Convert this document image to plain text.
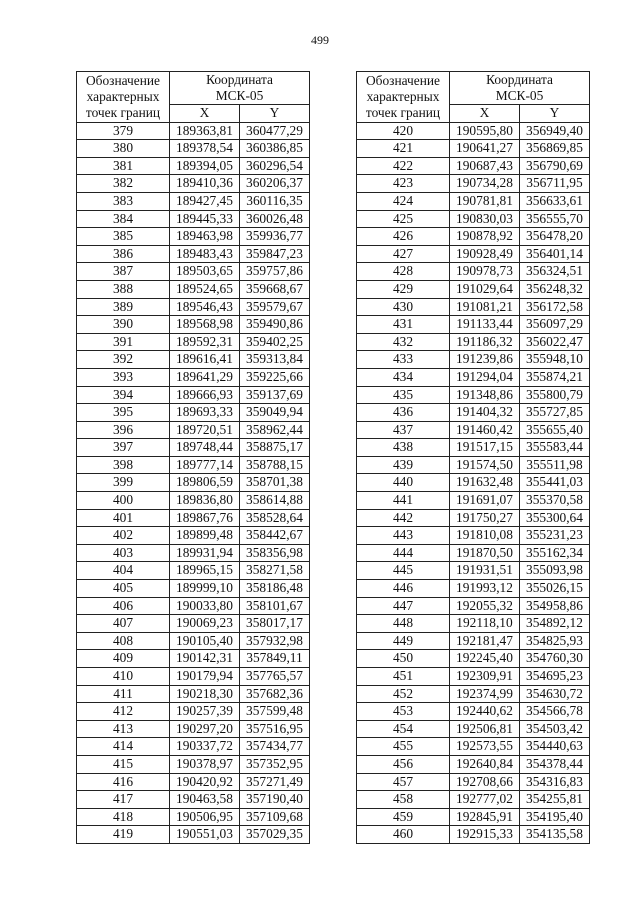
499
Обозначение
характерных
точек границ	Координата
МСК-05	

	X	Y
379	189363,81	360477,29
380	189378,54	360386,85
381	189394,05	360296,54
382	189410,36	360206,37
383	189427,45	360116,35
384	189445,33	360026,48
385	189463,98	359936,77
386	189483,43	359847,23
387	189503,65	359757,86
388	189524,65	359668,67
389	189546,43	359579,67
390	189568,98	359490,86
391	189592,31	359402,25
392	189616,41	359313,84
393	189641,29	359225,66
394	189666,93	359137,69
395	189693,33	359049,94
396	189720,51	358962,44
397	189748,44	358875,17
398	189777,14	358788,15
399	189806,59	358701,38
400	189836,80	358614,88
401	189867,76	358528,64
402	189899,48	358442,67
403	189931,94	358356,98
404	189965,15	358271,58
405	189999,10	358186,48
406	190033,80	358101,67
407	190069,23	358017,17
408	190105,40	357932,98
409	190142,31	357849,11
410	190179,94	357765,57
411	190218,30	357682,36
412	190257,39	357599,48
413	190297,20	357516,95
414	190337,72	357434,77
415	190378,97	357352,95
416	190420,92	357271,49
417	190463,58	357190,40
418	190506,95	357109,68
419	190551,03	357029,35
Обозначение
характерных
точек границ	Координата
МСК-05	

	X	Y
420	190595,80	356949,40
421	190641,27	356869,85
422	190687,43	356790,69
423	190734,28	356711,95
424	190781,81	356633,61
425	190830,03	356555,70
426	190878,92	356478,20
427	190928,49	356401,14
428	190978,73	356324,51
429	191029,64	356248,32
430	191081,21	356172,58
431	191133,44	356097,29
432	191186,32	356022,47
433	191239,86	355948,10
434	191294,04	355874,21
435	191348,86	355800,79
436	191404,32	355727,85
437	191460,42	355655,40
438	191517,15	355583,44
439	191574,50	355511,98
440	191632,48	355441,03
441	191691,07	355370,58
442	191750,27	355300,64
443	191810,08	355231,23
444	191870,50	355162,34
445	191931,51	355093,98
446	191993,12	355026,15
447	192055,32	354958,86
448	192118,10	354892,12
449	192181,47	354825,93
450	192245,40	354760,30
451	192309,91	354695,23
452	192374,99	354630,72
453	192440,62	354566,78
454	192506,81	354503,42
455	192573,55	354440,63
456	192640,84	354378,44
457	192708,66	354316,83
458	192777,02	354255,81
459	192845,91	354195,40
460	192915,33	354135,58
